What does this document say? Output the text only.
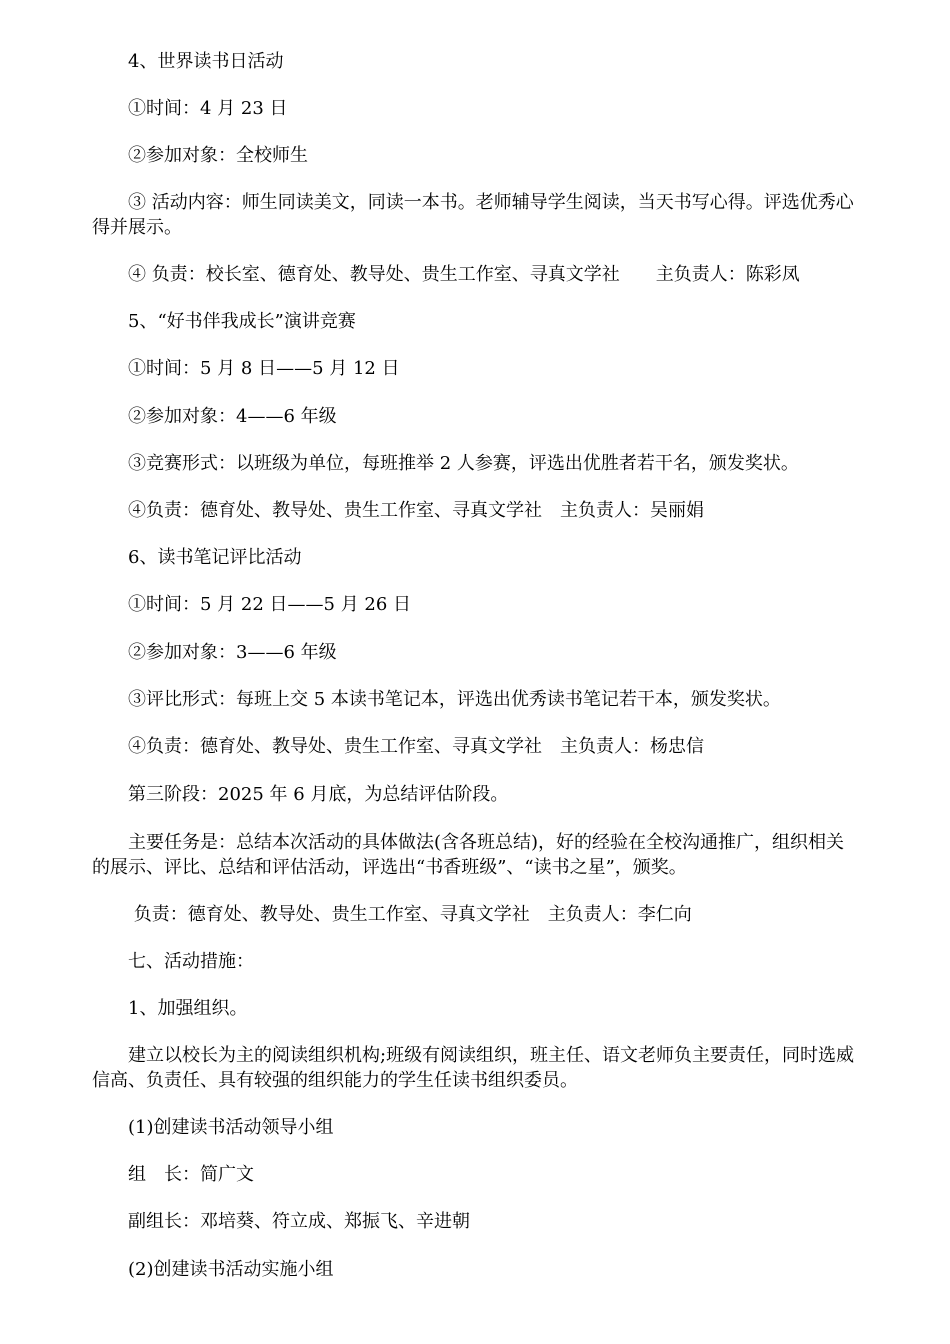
　　4、世界读书日活动

　　①时间：4 月 23 日

　　②参加对象：全校师生

　　③ 活动内容：师生同读美文，同读一本书。老师辅导学生阅读，当天书写心得。评选优秀心得并展示。

　　④ 负责：校长室、德育处、教导处、贵生工作室、寻真文学社　　主负责人：陈彩凤

　　5、“好书伴我成长”演讲竞赛

　　①时间：5 月 8 日——5 月 12 日

　　②参加对象：4——6 年级

　　③竞赛形式：以班级为单位，每班推举 2 人参赛，评选出优胜者若干名，颁发奖状。

　　④负责：德育处、教导处、贵生工作室、寻真文学社　主负责人：吴丽娟

　　6、读书笔记评比活动

　　①时间：5 月 22 日——5 月 26 日

　　②参加对象：3——6 年级

　　③评比形式：每班上交 5 本读书笔记本，评选出优秀读书笔记若干本，颁发奖状。

　　④负责：德育处、教导处、贵生工作室、寻真文学社　主负责人：杨忠信

　　第三阶段：2025 年 6 月底，为总结评估阶段。

　　主要任务是：总结本次活动的具体做法(含各班总结)，好的经验在全校沟通推广，组织相关的展示、评比、总结和评估活动，评选出“书香班级”、“读书之星”，颁奖。

　　 负责：德育处、教导处、贵生工作室、寻真文学社　主负责人：李仁向

　　七、活动措施：

　　1、加强组织。

　　建立以校长为主的阅读组织机构;班级有阅读组织，班主任、语文老师负主要责任，同时选威信高、负责任、具有较强的组织能力的学生任读书组织委员。

　　(1)创建读书活动领导小组

　　组　长：简广文

　　副组长：邓培葵、符立成、郑振飞、辛进朝

　　(2)创建读书活动实施小组
